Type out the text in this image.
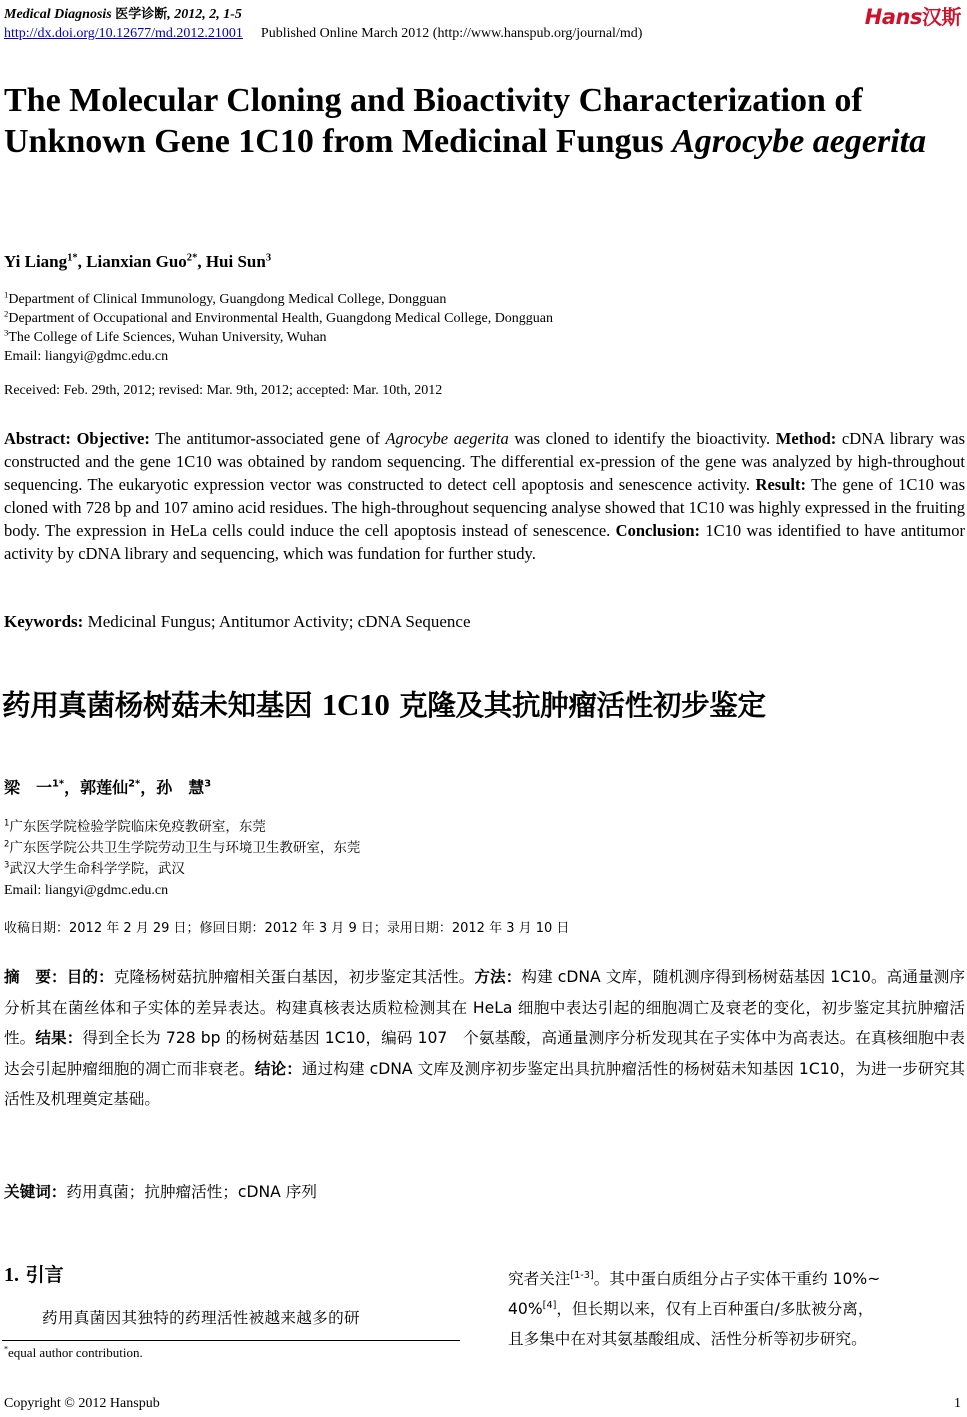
Medical Diagnosis 医学诊断, 2012, 2, 1-5
http://dx.doi.org/10.12677/md.2012.21001 Published Online March 2012 (http://www.hanspub.org/journal/md)
Hans汉斯
The Molecular Cloning and Bioactivity Characterization of Unknown Gene 1C10 from Medicinal Fungus Agrocybe aegerita
Yi Liang$^{1*}$, Lianxian Guo$^{2*}$, Hui Sun$^3$
$^1$Department of Clinical Immunology, Guangdong Medical College, Dongguan
$^2$Department of Occupational and Environmental Health, Guangdong Medical College, Dongguan
$^3$The College of Life Sciences, Wuhan University, Wuhan
Email: liangyi@gdmc.edu.cn
Received: Feb. 29th, 2012; revised: Mar. 9th, 2012; accepted: Mar. 10th, 2012
Abstract: Objective: The antitumor-associated gene of Agrocybe aegerita was cloned to identify the bioactivity. Method: cDNA library was constructed and the gene 1C10 was obtained by random sequencing. The differential ex-pression of the gene was analyzed by high-throughout sequencing. The eukaryotic expression vector was constructed to detect cell apoptosis and senescence activity. Result: The gene of 1C10 was cloned with 728 bp and 107 amino acid residues. The high-throughout sequencing analyse showed that 1C10 was highly expressed in the fruiting body. The expression in HeLa cells could induce the cell apoptosis instead of senescence. Conclusion: 1C10 was identified to have antitumor activity by cDNA library and sequencing, which was fundation for further study.
Keywords: Medicinal Fungus; Antitumor Activity; cDNA Sequence
药用真菌杨树菇未知基因 1C10 克隆及其抗肿瘤活性初步鉴定
梁　一$^{1*}$，郭莲仙$^{2*}$，孙　慧$^3$
$^1$广东医学院检验学院临床免疫教研室，东莞
$^2$广东医学院公共卫生学院劳动卫生与环境卫生教研室，东莞
$^3$武汉大学生命科学学院，武汉
Email: liangyi@gdmc.edu.cn
收稿日期：2012 年 2 月 29 日；修回日期：2012 年 3 月 9 日；录用日期：2012 年 3 月 10 日
摘　要：目的：克隆杨树菇抗肿瘤相关蛋白基因，初步鉴定其活性。方法：构建 cDNA 文库，随机测序得到杨树菇基因 1C10。高通量测序分析其在菌丝体和子实体的差异表达。构建真核表达质粒检测其在 HeLa 细胞中表达引起的细胞凋亡及衰老的变化，初步鉴定其抗肿瘤活性。结果：得到全长为 728 bp 的杨树菇基因 1C10，编码 107　个氨基酸，高通量测序分析发现其在子实体中为高表达。在真核细胞中表达会引起肿瘤细胞的凋亡而非衰老。结论：通过构建 cDNA 文库及测序初步鉴定出具抗肿瘤活性的杨树菇未知基因 1C10，为进一步研究其活性及机理奠定基础。
关键词：药用真菌；抗肿瘤活性；cDNA 序列
1. 引言
药用真菌因其独特的药理活性被越来越多的研
究者关注[1-3]。其中蛋白质组分占子实体干重约 10%~
40%[4]，但长期以来，仅有上百种蛋白/多肽被分离，
且多集中在对其氨基酸组成、活性分析等初步研究。
*equal author contribution.
Copyright © 2012 Hanspub	1
